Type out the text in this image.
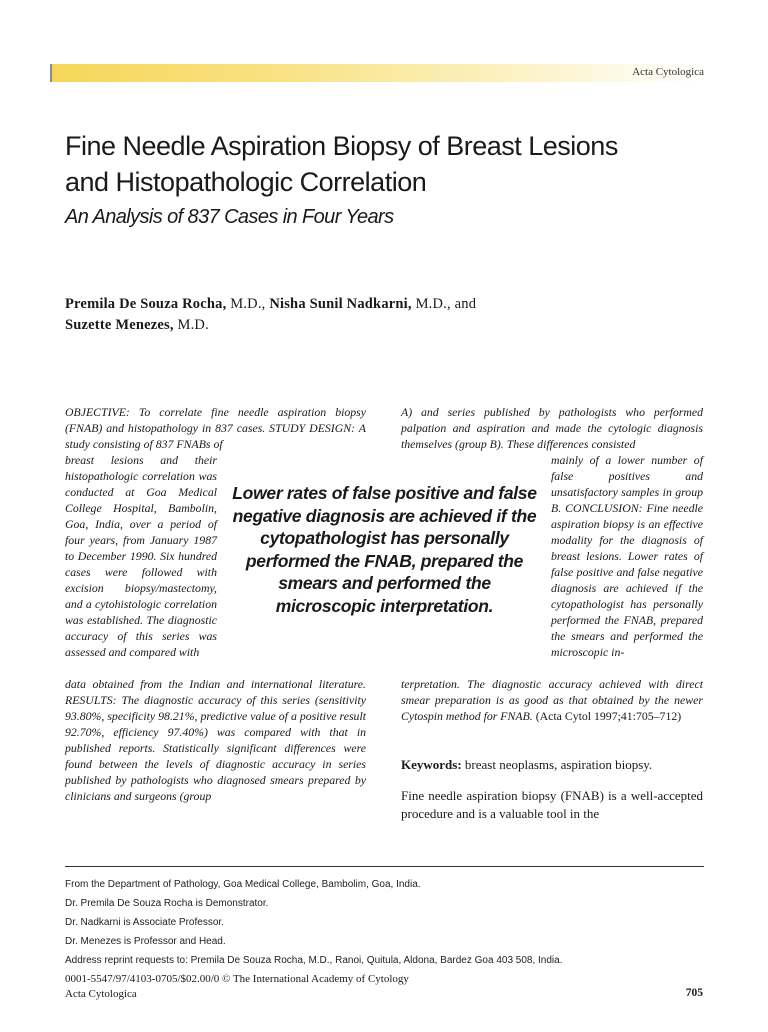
Acta Cytologica
Fine Needle Aspiration Biopsy of Breast Lesions
and Histopathologic Correlation
An Analysis of 837 Cases in Four Years
Premila De Souza Rocha, M.D., Nisha Sunil Nadkarni, M.D., and
Suzette Menezes, M.D.

OBJECTIVE: To correlate fine needle aspiration biopsy (FNAB) and histopathology in 837 cases. STUDY DESIGN: A study consisting of 837 FNABs of

breast lesions and their histopathologic correlation was conducted at Goa Medical College Hospital, Bambolin, Goa, India, over a period of four years, from January 1987 to December 1990. Six hundred cases were followed with excision biopsy/mastectomy, and a cytohistologic correlation was established. The diagnostic accuracy of this series was assessed and compared with

data obtained from the Indian and international literature. RESULTS: The diagnostic accuracy of this series (sensitivity 93.80%, specificity 98.21%, predictive value of a positive result 92.70%, efficiency 97.40%) was compared with that in published reports. Statistically significant differences were found between the levels of diagnostic accuracy in series published by pathologists who diagnosed smears prepared by clinicians and surgeons (group

A) and series published by pathologists who performed palpation and aspiration and made the cytologic diagnosis themselves (group B). These differences consisted

mainly of a lower number of false positives and unsatisfactory samples in group B. CONCLUSION: Fine needle aspiration biopsy is an effective modality for the diagnosis of breast lesions. Lower rates of false positive and false negative diagnosis are achieved if the cytopathologist has personally performed the FNAB, prepared the smears and performed the microscopic in-

terpretation. The diagnostic accuracy achieved with direct smear preparation is as good as that obtained by the newer Cytospin method for FNAB. (Acta Cytol 1997;41:705–712)

Lower rates of false positive and false negative diagnosis are achieved if the cytopathologist has personally performed the FNAB, prepared the smears and performed the microscopic interpretation.
Keywords: breast neoplasms, aspiration biopsy.

Fine needle aspiration biopsy (FNAB) is a well-accepted procedure and is a valuable tool in the

From the Department of Pathology, Goa Medical College, Bambolim, Goa, India.
Dr. Premila De Souza Rocha is Demonstrator.
Dr. Nadkarni is Associate Professor.
Dr. Menezes is Professor and Head.
Address reprint requests to: Premila De Souza Rocha, M.D., Ranoi, Quitula, Aldona, Bardez Goa 403 508, India.
0001-5547/97/4103-0705/$02.00/0 © The International Academy of Cytology
Acta Cytologica	705
